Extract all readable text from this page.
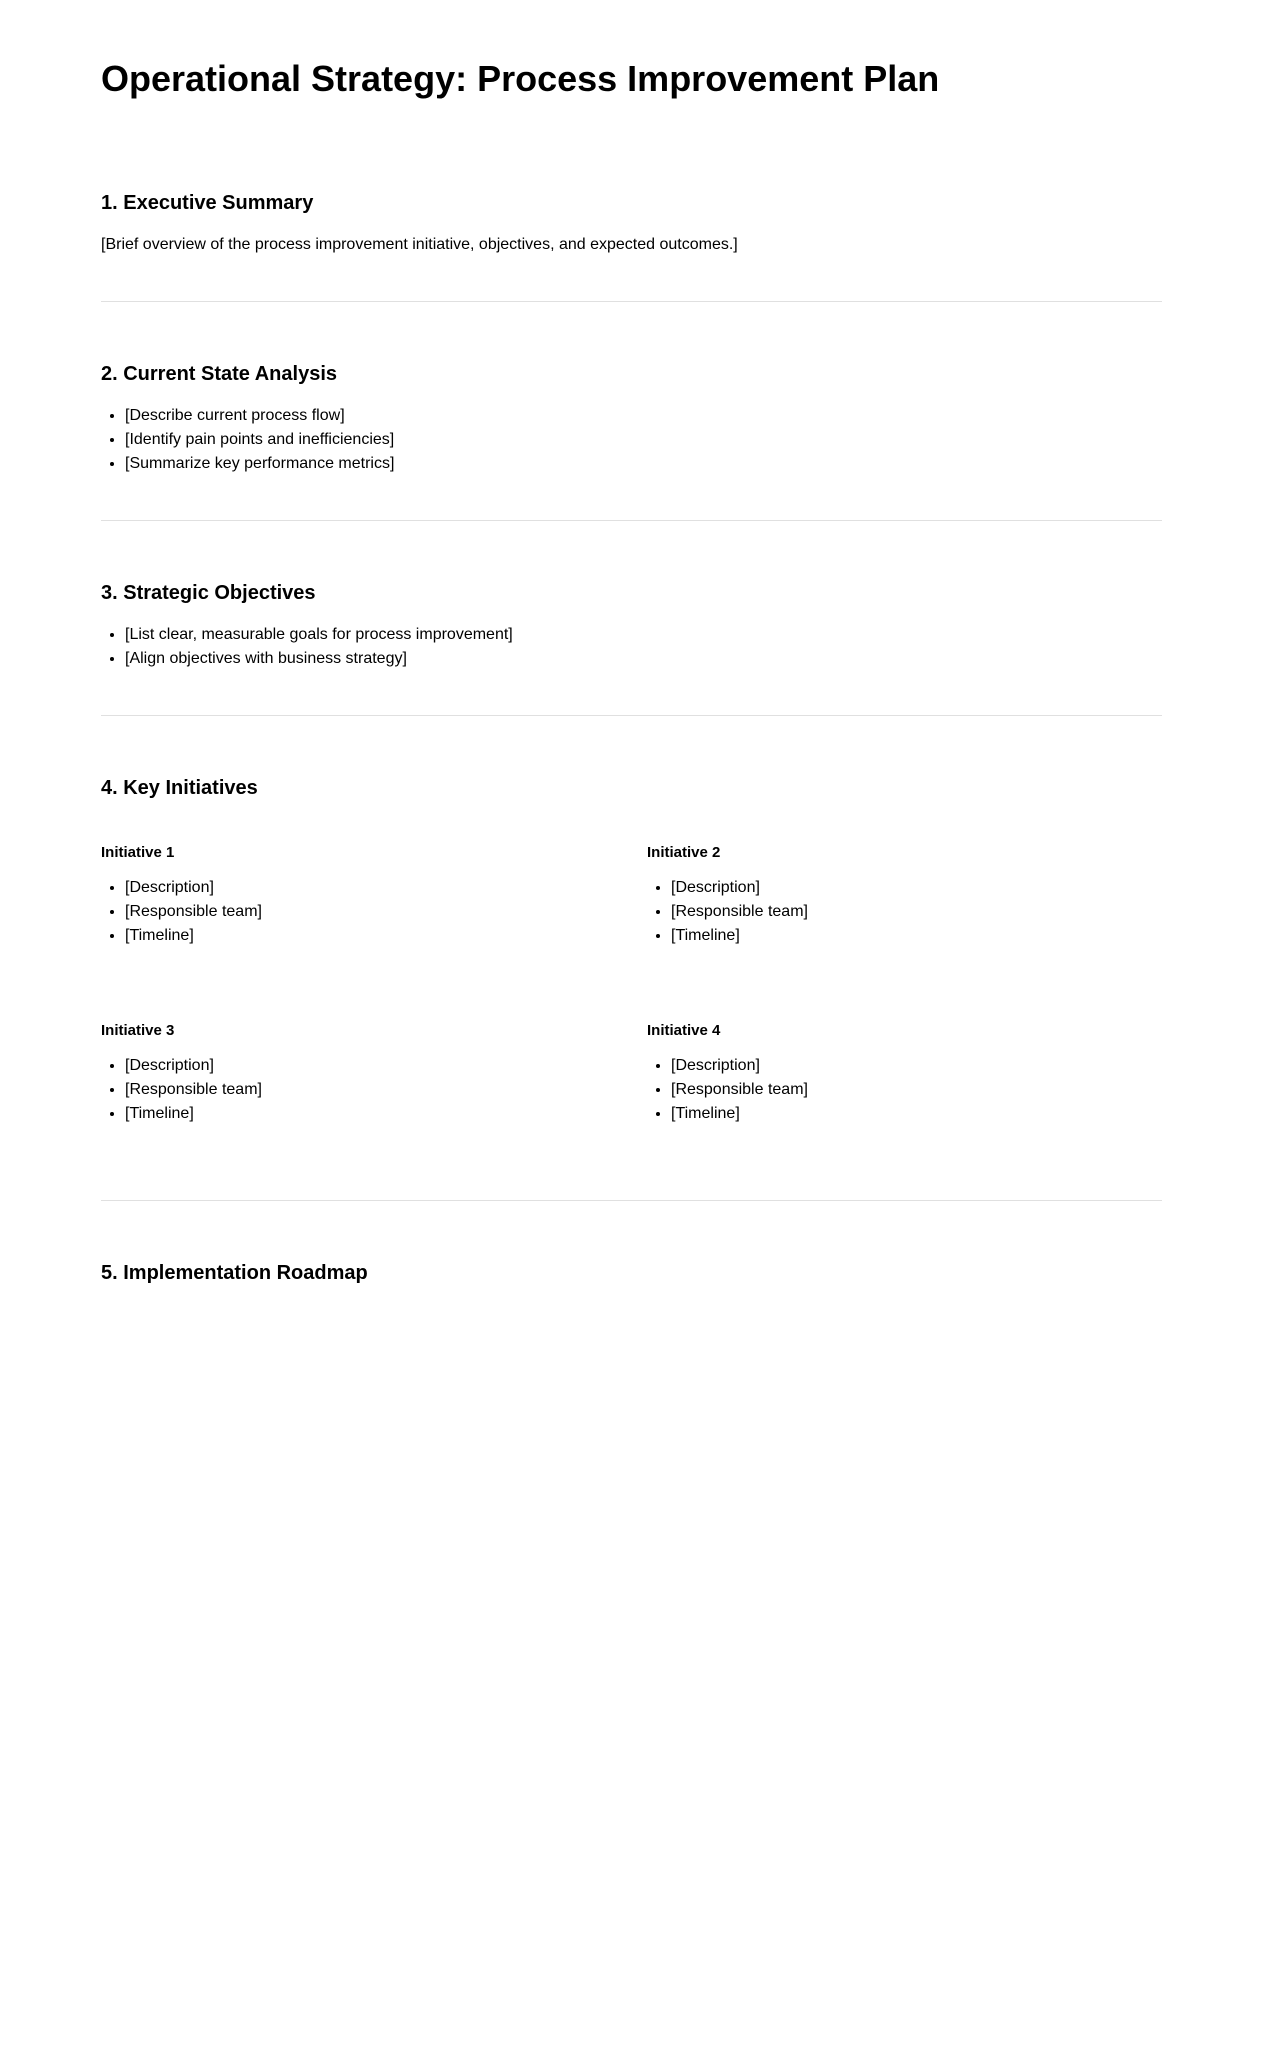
Operational Strategy: Process Improvement Plan
1. Executive Summary

[Brief overview of the process improvement initiative, objectives, and expected outcomes.]

2. Current State Analysis
• [Describe current process flow]
• [Identify pain points and inefficiencies]
• [Summarize key performance metrics]
3. Strategic Objectives
• [List clear, measurable goals for process improvement]
• [Align objectives with business strategy]
4. Key Initiatives
Initiative 1
• [Description]
• [Responsible team]
• [Timeline]
Initiative 2
• [Description]
• [Responsible team]
• [Timeline]
Initiative 3
• [Description]
• [Responsible team]
• [Timeline]
Initiative 4
• [Description]
• [Responsible team]
• [Timeline]
5. Implementation Roadmap
